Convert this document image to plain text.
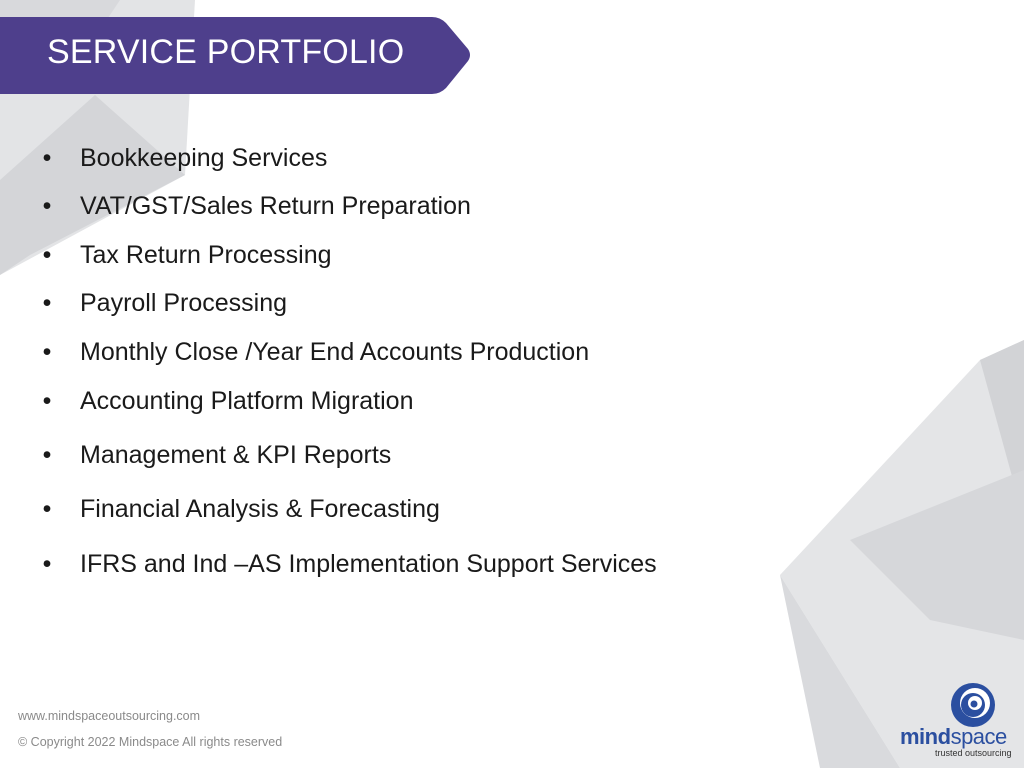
SERVICE PORTFOLIO
• Bookkeeping Services
• VAT/GST/Sales Return Preparation
• Tax Return Processing
• Payroll Processing
• Monthly Close /Year End Accounts Production
• Accounting Platform Migration
• Management & KPI Reports
• Financial Analysis & Forecasting
• IFRS and Ind –AS Implementation Support Services
www.mindspaceoutsourcing.com
© Copyright 2022 Mindspace All rights reserved	mindspace
trusted outsourcing
